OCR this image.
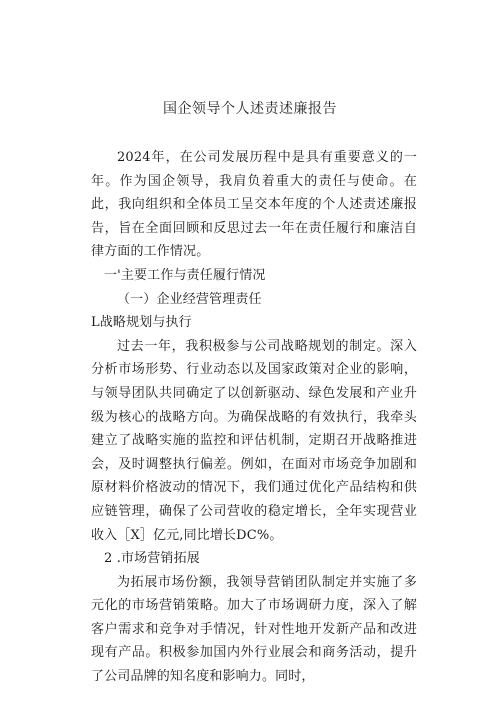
国企领导个人述责述廉报告

2024年，在公司发展历程中是具有重要意义的一年。作为国企领导，我肩负着重大的责任与使命。在此，我向组织和全体员工呈交本年度的个人述责述廉报告，旨在全面回顾和反思过去一年在责任履行和廉洁自律方面的工作情况。

一'主要工作与责任履行情况

（一）企业经营管理责任

L战略规划与执行

过去一年，我积极参与公司战略规划的制定。深入分析市场形势、行业动态以及国家政策对企业的影响，与领导团队共同确定了以创新驱动、绿色发展和产业升级为核心的战略方向。为确保战略的有效执行，我牵头建立了战略实施的监控和评估机制，定期召开战略推进会，及时调整执行偏差。例如，在面对市场竞争加剧和原材料价格波动的情况下，我们通过优化产品结构和供应链管理，确保了公司营收的稳定增长，全年实现营业收入［X］亿元,同比增长DC%。

2 .市场营销拓展

为拓展市场份额，我领导营销团队制定并实施了多元化的市场营销策略。加大了市场调研力度，深入了解客户需求和竞争对手情况，针对性地开发新产品和改进现有产品。积极参加国内外行业展会和商务活动，提升了公司品牌的知名度和影响力。同时，
